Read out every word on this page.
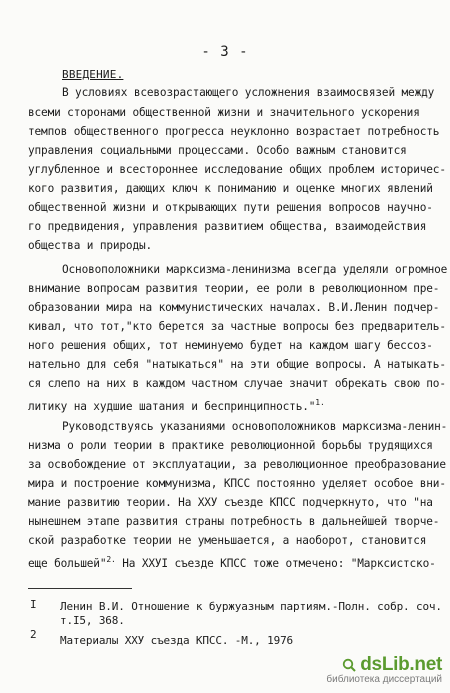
- 3 -
ВВЕДЕНИЕ.
В условиях всевозрастающего усложнения взаимосвязей между
всеми сторонами общественной жизни и значительного ускорения
темпов общественного прогресса неуклонно возрастает потребность
управления социальными процессами. Особо важным становится
углубленное и всестороннее исследование общих проблем историчес-
кого развития, дающих ключ к пониманию и оценке многих явлений
общественной жизни и открывающих пути решения вопросов научно-
го предвидения, управления развитием общества, взаимодействия
общества и природы.
Основоположники марксизма-ленинизма всегда уделяли огромное
внимание вопросам развития теории, ее роли в революционном пре-
образовании мира на коммунистических началах. В.И.Ленин подчер-
кивал, что тот,"кто берется за частные вопросы без предваритель-
ного решения общих, тот неминуемо будет на каждом шагу бессоз-
нательно для себя "натыкаться" на эти общие вопросы. А натыкать-
ся слепо на них в каждом частном случае значит обрекать свою по-
литику на худшие шатания и беспринципность."$^{1.}$
Руководствуясь указаниями основоположников марксизма-ленин-
низма о роли теории в практике революционной борьбы трудящихся
за освобождение от эксплуатации, за революционное преобразование
мира и построение коммунизма, КПСС постоянно уделяет особое вни-
мание развитию теории. На ХХУ съезде КПСС подчеркнуто, что "на
нынешнем этапе развития страны потребность в дальнейшей творче-
ской разработке теории не уменьшается, а наоборот, становится
еще большей"$^{2.}$ На ХХУI съезде КПСС тоже отмечено: "Марксистско-
I Ленин В.И. Отношение к буржуазным партиям.-Полн. собр. соч.
т.I5, 368.
2 Материалы ХХУ съезда КПСС. -М., 1976
dsLib.net
библиотека диссертаций
